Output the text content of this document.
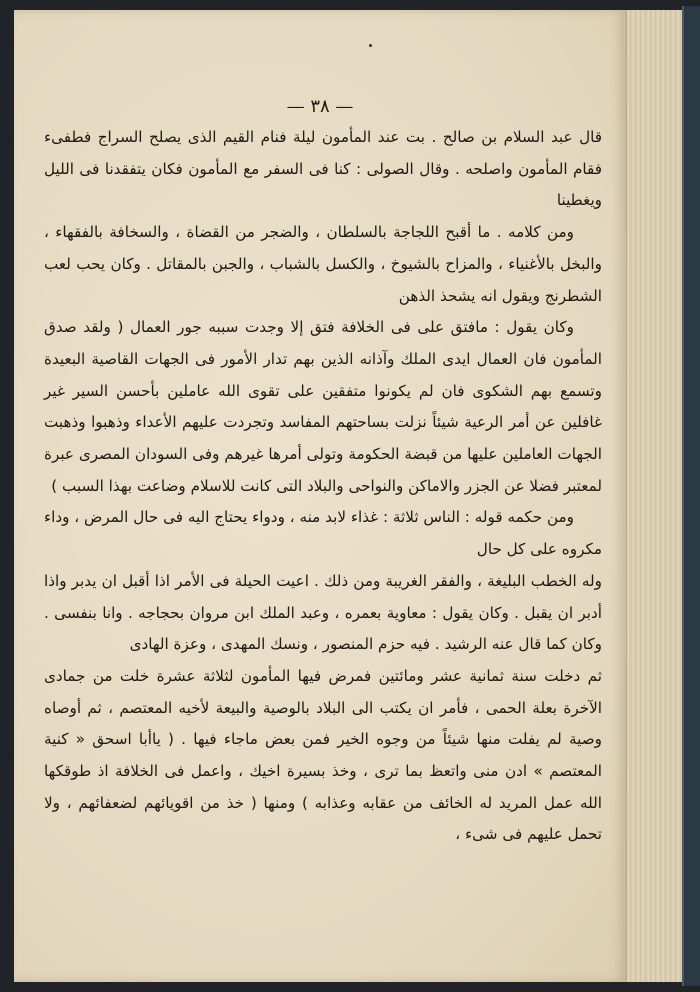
— ٣٨ —

قال عبد السلام بن صالح . بت عند المأمون ليلة فنام القيم الذى يصلح السراج فطفىء فقام المأمون واصلحه . وقال الصولى : كنا فى السفر مع المأمون فكان يتفقدنا فى الليل ويغطينا

ومن كلامه . ما أقبح اللجاجة بالسلطان ، والضجر من القضاة ، والسخافة بالفقهاء ، والبخل بالأغنياء ، والمزاح بالشيوخ ، والكسل بالشباب ، والجبن بالمقاتل . وكان يحب لعب الشطرنج ويقول انه يشحذ الذهن

وكان يقول : مافتق على فى الخلافة فتق إلا وجدت سببه جور العمال ( ولقد صدق المأمون فان العمال ايدى الملك وآذانه الذين بهم تدار الأمور فى الجهات القاصية البعيدة وتسمع بهم الشكوى فان لم يكونوا متفقين على تقوى الله عاملين بأحسن السير غير غافلين عن أمر الرعية شيئاً نزلت بساحتهم المفاسد وتجردت عليهم الأعداء وذهبوا وذهبت الجهات العاملين عليها من قبضة الحكومة وتولى أمرها غيرهم وفى السودان المصرى عبرة لمعتبر فضلا عن الجزر والاماكن والنواحى والبلاد التى كانت للاسلام وضاعت بهذا السبب )

ومن حكمه قوله : الناس ثلاثة : غذاء لابد منه ، ودواء يحتاج اليه فى حال المرض ، وداء مكروه على كل حال

وله الخطب البليغة ، والفقر الغريبة ومن ذلك . اعيت الحيلة فى الأمر اذا أقبل ان يدبر واذا أدبر ان يقبل . وكان يقول : معاوية بعمره ، وعبد الملك ابن مروان بحجاجه . وانا بنفسى . وكان كما قال عنه الرشيد . فيه حزم المنصور ، ونسك المهدى ، وعزة الهادى

ثم دخلت سنة ثمانية عشر ومائتين فمرض فيها المأمون لثلاثة عشرة خلت من جمادى الآخرة بعلة الحمى ، فأمر ان يكتب الى البلاد بالوصية والبيعة لأخيه المعتصم ، ثم أوصاه وصية لم يفلت منها شيئاً من وجوه الخير فمن بعض ماجاء فيها . ( ياأبا اسحق « كنية المعتصم » ادن منى واتعظ بما ترى ، وخذ بسيرة اخيك ، واعمل فى الخلافة اذ طوقكها الله عمل المريد له الخائف من عقابه وعذابه ) ومنها ( خذ من اقويائهم لضعفائهم ، ولا تحمل عليهم فى شىء ،
